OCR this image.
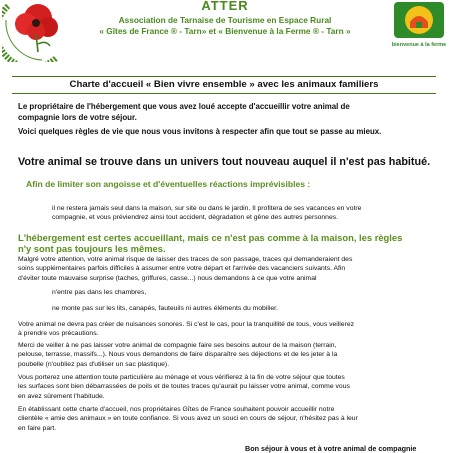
ATTER
Association de Tarnaise de Tourisme en Espace Rural
« Gîtes de France ® - Tarn» et « Bienvenue à la Ferme ® - Tarn »
bienvenue à la ferme
Charte d'accueil « Bien vivre ensemble » avec les animaux familiers
Le propriétaire de l'hébergement que vous avez loué accepte d'accueillir votre animal de
compagnie lors de votre séjour.
Voici quelques règles de vie que nous vous invitons à respecter afin que tout se passe au mieux.
Votre animal se trouve dans un univers tout nouveau auquel il n'est pas habitué.
Afin de limiter son angoisse et d'éventuelles réactions imprévisibles :
il ne restera jamais seul dans la maison, sur site ou dans le jardin. Il profitera de ses vacances en votre
compagnie, et vous préviendrez ainsi tout accident, dégradation et gêne des autres personnes.
L'hébergement est certes accueillant, mais ce n'est pas comme à la maison, les règles
n'y sont pas toujours les mêmes.
Malgré votre attention, votre animal risque de laisser des traces de son passage, traces qui demanderaient des
soins supplémentaires parfois difficiles à assumer entre votre départ et l'arrivée des vacanciers suivants. Afin
d'éviter toute mauvaise surprise (taches, griffures, casse...) nous demandons à ce que votre animal
n'entre pas dans les chambres,
ne monte pas sur les lits, canapés, fauteuils ni autres éléments du mobilier.
Votre animal ne devra pas créer de nuisances sonores. Si c'est le cas, pour la tranquillité de tous, vous veillerez
à prendre vos précautions.
Merci de veiller à ne pas laisser votre animal de compagnie faire ses besoins autour de la maison (terrain,
pelouse, terrasse, massifs...). Nous vous demandons de faire disparaître ses déjections et de les jeter à la
poubelle (n'oubliez pas d'utiliser un sac plastique).
Vous porterez une attention toute particulière au ménage et vous vérifierez à la fin de votre séjour que toutes
les surfaces sont bien débarrassées de poils et de toutes traces qu'aurait pu laisser votre animal, comme vous
en avez sûrement l'habitude.
En établissant cette charte d'accueil, nos propriétaires Gîtes de France souhaitent pouvoir accueillir notre
clientèle « amie des animaux » en toute confiance. Si vous avez un souci en cours de séjour, n'hésitez pas à leur
en faire part.
Bon séjour à vous et à votre animal de compagnie
